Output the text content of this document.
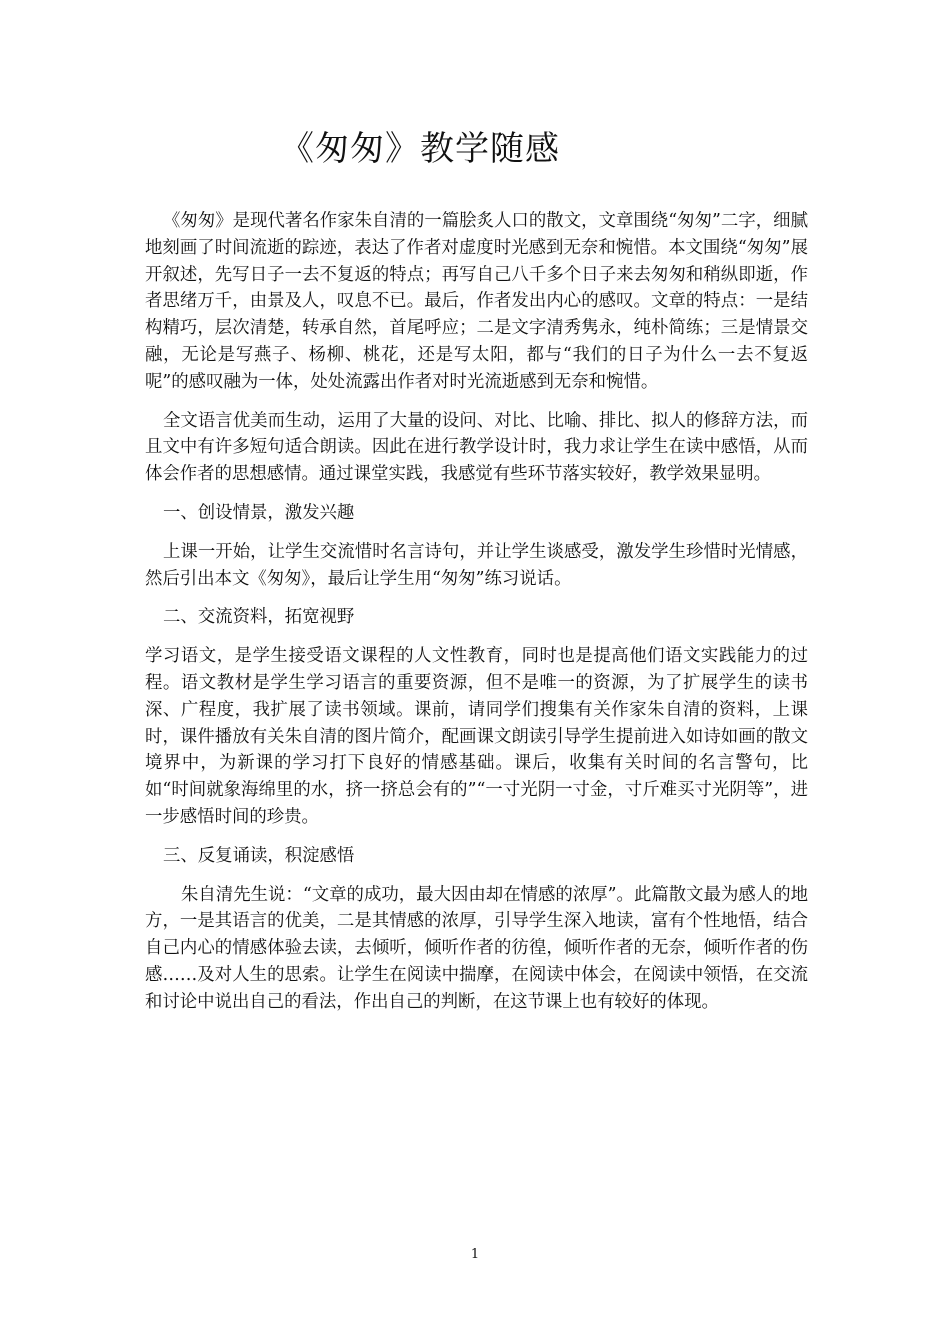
《匆匆》教学随感

《匆匆》是现代著名作家朱自清的一篇脍炙人口的散文，文章围绕“匆匆”二字，细腻地刻画了时间流逝的踪迹，表达了作者对虚度时光感到无奈和惋惜。本文围绕“匆匆”展开叙述，先写日子一去不复返的特点；再写自己八千多个日子来去匆匆和稍纵即逝，作者思绪万千，由景及人，叹息不已。最后，作者发出内心的感叹。文章的特点：一是结构精巧，层次清楚，转承自然，首尾呼应；二是文字清秀隽永，纯朴简练；三是情景交融，无论是写燕子、杨柳、桃花，还是写太阳，都与“我们的日子为什么一去不复返呢”的感叹融为一体，处处流露出作者对时光流逝感到无奈和惋惜。

全文语言优美而生动，运用了大量的设问、对比、比喻、排比、拟人的修辞方法，而且文中有许多短句适合朗读。因此在进行教学设计时，我力求让学生在读中感悟，从而体会作者的思想感情。通过课堂实践，我感觉有些环节落实较好，教学效果显明。

一、创设情景，激发兴趣

上课一开始，让学生交流惜时名言诗句，并让学生谈感受，激发学生珍惜时光情感，然后引出本文《匆匆》，最后让学生用“匆匆”练习说话。

二、交流资料，拓宽视野

学习语文，是学生接受语文课程的人文性教育，同时也是提高他们语文实践能力的过程。语文教材是学生学习语言的重要资源，但不是唯一的资源，为了扩展学生的读书深、广程度，我扩展了读书领域。课前，请同学们搜集有关作家朱自清的资料，上课时，课件播放有关朱自清的图片简介，配画课文朗读引导学生提前进入如诗如画的散文境界中，为新课的学习打下良好的情感基础。课后，收集有关时间的名言警句，比如“时间就象海绵里的水，挤一挤总会有的”“一寸光阴一寸金，寸斤难买寸光阴等”，进一步感悟时间的珍贵。

三、反复诵读，积淀感悟

朱自清先生说：“文章的成功，最大因由却在情感的浓厚”。此篇散文最为感人的地方，一是其语言的优美，二是其情感的浓厚，引导学生深入地读，富有个性地悟，结合自己内心的情感体验去读，去倾听，倾听作者的彷徨，倾听作者的无奈，倾听作者的伤感……及对人生的思索。让学生在阅读中揣摩，在阅读中体会，在阅读中领悟，在交流和讨论中说出自己的看法，作出自己的判断，在这节课上也有较好的体现。

1
